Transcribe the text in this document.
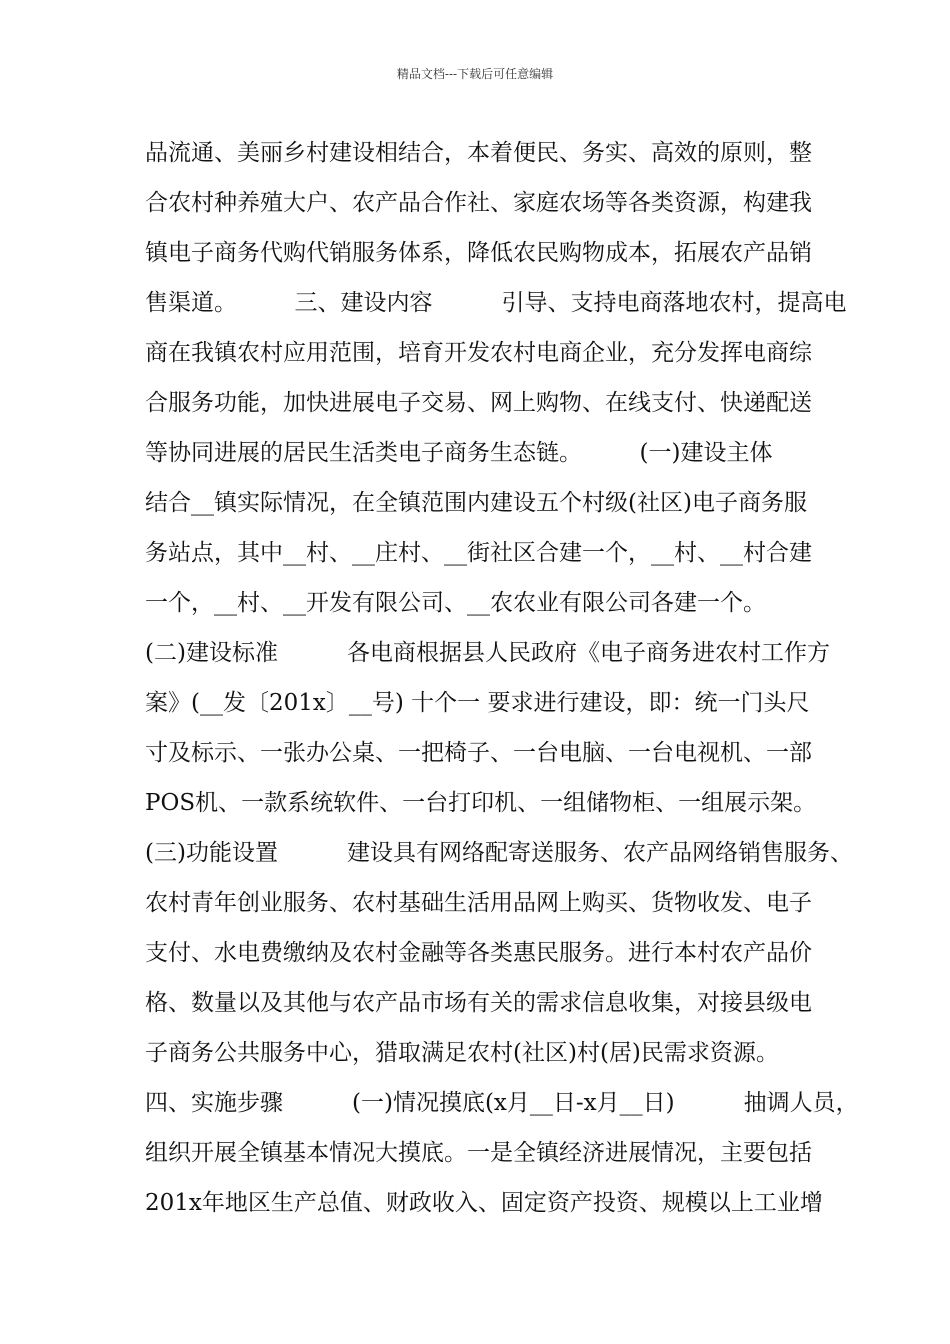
精品文档---下载后可任意编辑
品流通、美丽乡村建设相结合，本着便民、务实、高效的原则，整
合农村种养殖大户、农产品合作社、家庭农场等各类资源，构建我
镇电子商务代购代销服务体系，降低农民购物成本，拓展农产品销
售渠道。　　　三、建设内容　　　引导、支持电商落地农村，提高电
商在我镇农村应用范围，培育开发农村电商企业，充分发挥电商综
合服务功能，加快进展电子交易、网上购物、在线支付、快递配送
等协同进展的居民生活类电子商务生态链。　　　(一)建设主体
结合__镇实际情况，在全镇范围内建设五个村级(社区)电子商务服
务站点，其中__村、__庄村、__街社区合建一个，__村、__村合建
一个，__村、__开发有限公司、__农农业有限公司各建一个。
(二)建设标准　　　各电商根据县人民政府《电子商务进农村工作方
案》(__发〔201x〕__号) 十个一 要求进行建设，即：统一门头尺
寸及标示、一张办公桌、一把椅子、一台电脑、一台电视机、一部
POS机、一款系统软件、一台打印机、一组储物柜、一组展示架。
(三)功能设置　　　建设具有网络配寄送服务、农产品网络销售服务、
农村青年创业服务、农村基础生活用品网上购买、货物收发、电子
支付、水电费缴纳及农村金融等各类惠民服务。进行本村农产品价
格、数量以及其他与农产品市场有关的需求信息收集，对接县级电
子商务公共服务中心，猎取满足农村(社区)村(居)民需求资源。
四、实施步骤　　　(一)情况摸底(x月__日-x月__日)　　　抽调人员，
组织开展全镇基本情况大摸底。一是全镇经济进展情况，主要包括
201x年地区生产总值、财政收入、固定资产投资、规模以上工业增
